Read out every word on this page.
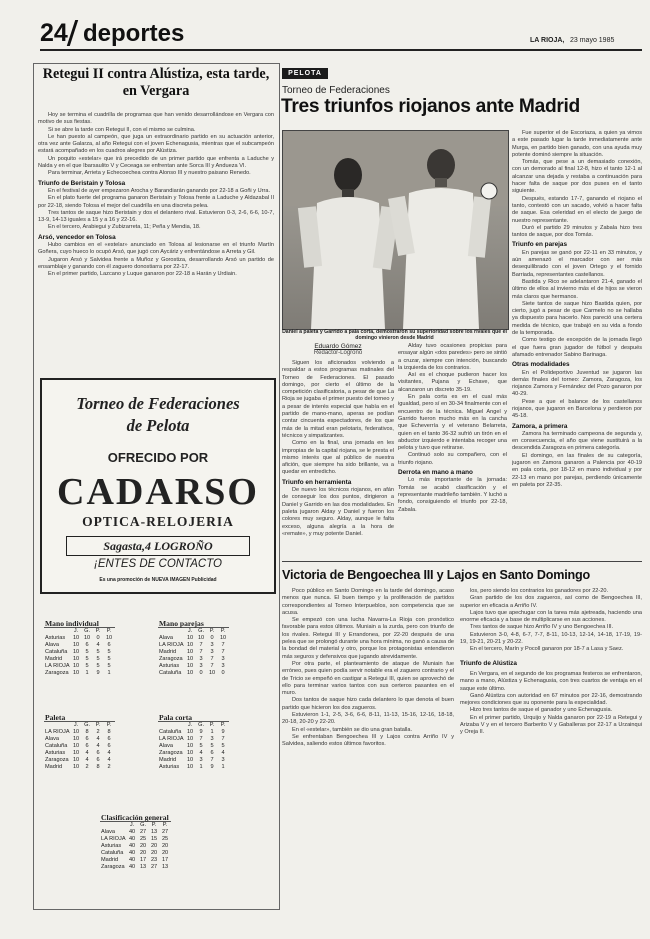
24 deportes	LA RIOJA, 23 mayo 1985
Retegui II contra Alústiza, esta tarde, en Vergara

Hoy se termina el cuadrilla de programas que han venido desarrollándose en Vergara con motivo de sus fiestas.

Si se abre la tarde con Retegui II, con el mismo se culmina.

Le han puesto al campeón, que juga un extraordinario partido en su actuación anterior, otra vez ante Galarza, al año Retegui con el joven Echenagusia, mientras que el subcampeón estará acompañado en los cuadros alegres por Alústiza.

Un poquito «estelar» que irá precedido de un primer partido que enfrenta a Laduche y Nalda y en el que Ibarsaulito V y Ceceaga se enfrentan ante Sorca III y Andueza VI.

Para terminar, Arrieta y Echecoechea contra Alonso III y nuestro paisano Renedo.

Triunfo de Beristain y Tolosa

En el festival de ayer empezaron Arocha y Barandiarán ganando por 22-18 a Goñi y Urra.

En el plato fuerte del programa ganaron Beristain y Tolosa frente a Laduche y Aldazabal II por 22-18, siendo Tolosa el mejor del cuadrilla en una discreta pelea.

Tres tantos de saque hizo Beristain y dos el delantero rival. Estuvieron 0-3, 2-6, 6-6, 10-7, 13-9, 14-13 iguales a 15 y a 16 y 22-16.

En el tercero, Arabiegui y Zubizarreta, 11; Peña y Mendia, 18.

Arsó, vencedor en Tolosa

Hubo cambios en el «estelar» anunciado en Tolosa al lesionarse en el triunfo Martín Goñera, cuyo hueco lo ocupó Arsó, que jugó con Aycáriz y enfrentándose a Arreta y Gil.

Jugaron Arsó y Salvidea frente a Muñoz y Gorostiza, desarrollando Arsó un partido de ensamblaje y ganando con él zaguero donostiarra por 22-17.

En el primer partido, Lazcano y Luque ganaron por 22-18 a Harán y Urdiain.

Torneo de Federaciones
de Pelota
OFRECIDO POR
CADARSO
OPTICA-RELOJERIA
Sagasta,4 LOGROÑO
¡ENTES DE CONTACTO
Es una promoción de NUEVA IMAGEN Publicidad
Mano individual				
	J.	G.	P.	P.
Asturias	10	10	0	10
Alava	10	6	4	6
Cataluña	10	5	5	5
Madrid	10	5	5	5
LA RIOJA	10	5	5	5
Zaragoza	10	1	9	1
Mano parejas				
	J.	G.	P.	P.
Alava	10	10	0	10
LA RIOJA	10	7	3	7
Madrid	10	7	3	7
Zaragoza	10	3	7	3
Asturias	10	3	7	3
Cataluña	10	0	10	0
Paleta				
	J.	G.	P.	P.
LA RIOJA	10	8	2	8
Alava	10	6	4	6
Cataluña	10	6	4	6
Asturias	10	4	6	4
Zaragoza	10	4	6	4
Madrid	10	2	8	2
Pala corta				
	J.	G.	P.	P.
Cataluña	10	9	1	9
LA RIOJA	10	7	3	7
Alava	10	5	5	5
Zaragoza	10	4	6	4
Madrid	10	3	7	3
Asturias	10	1	9	1
Clasificación general				
	J.	G.	P.	P.
Alava	40	27	13	27
LA RIOJA	40	25	15	25
Asturias	40	20	20	20
Cataluña	40	20	20	20
Madrid	40	17	23	17
Zaragoza	40	13	27	13
PELOTA
Torneo de Federaciones
Tres triunfos riojanos ante Madrid
Daniel a paleta y Garrido a pala corta, demostraron su superioridad sobre los rivales que el domingo vinieron desde Madrid
Eduardo Gómez
Redactor-Logroño

Siguen los aficionados volviendo a respaldar a estos programas matinales del Torneo de Federaciones. El pasado domingo, por cierto el último de la competición clasificatoria, a pesar de que La Rioja se jugaba el primer puesto del torneo y a pesar de interés especial que había en el partido de mano-mano, aperas se podían contar cincuenta espectadores, de los que más de la mitad eran pelotaris, federativos, técnicos y simpatizantes.

Como en la final, una jornada en les impropias de la capital riojana, se le presta el mismo interés que al público de nuestra afición, que siempre ha sido brillante, va a quedar en entredicho.

Triunfo en herramienta

De nuevo los técnicos riojanos, en afán de conseguir los dos puntos, dirigieron a Daniel y Garrido en las dos modalidades. En paleta jugaron Alday y Daniel y fueron los colores muy seguro. Alday, aunque le falta exceso, alguna alegría a la hora de «remate», y muy potente Daniel.

Alday tuvo ocasiones propicias para ensayar algún «dos paredes» pero se sintió a cruzar, siempre con intención, buscando la izquierda de los contrarios.

Así es el choque pudieron hacer los visitantes, Pujana y Echave, que alcanzaron un discreto 35-19.

En pala corta es en el cual más igualdad, pero sí en 30-34 finalmente con el encuentro de la técnica. Miguel Angel y Garrido fueron mucho más en la cancha que Echeverría y el veterano Belarreta, quien en el tanto 36-32 sufrió un tirón en el abductor izquierdo e intentaba recoger una pelota y tuvo que retirarse.

Continuó solo su compañero, con el triunfo riojano.

Derrota en mano a mano

Lo más importante de la jornada: Tomás se acabó clasificación y el representante madrileño también. Y luchó a fondo, consiguiendo el triunfo por 22-18, Zabala.

Fue superior el de Escoriaza, a quien ya vimos a este pasado lugar la tarde inmediatamente ante Murga, en partido bien ganado, con una ayuda muy potente dominó siempre la situación.

Tomás, que pese a un demasiado conexión, con un demorado al final 12-8, hizo el tanto 12-1 al alcanzar una dejada y restaba a continuación para hacer falta de saque por dos puses en el tanto siguiente.

Después, estando 17-7, ganando el riojano el tanto, contestó con un sacado, volvió a hacer falta de saque. Esa celeridad en el electo de juego de nuestro representante.

Duró el partido 29 minutos y Zabala hizo tres tantos de saque, por dos Tomás.

Triunfo en parejas

En parejas se ganó por 22-11 en 33 minutos, y aún amenazó el marcador con ser más desequilibrado con el joven Ortego y el fornido Barriada, representantes castellanos.

Bastida y Rico se adelantaron 21-4, ganado el último de ellos al invierno más el de hijos se vieron más claros que hermanos.

Siete tantos de saque hizo Bastida quien, por cierto, jugó a pesar de que Carmelo no se hallaba ya dispuesto para hacerlo. Nos pareció una certera medida de técnico, que trabajó en su vida a fondo de la temporada.

Como testigo de excepción de la jornada llegó el que fuera gran jugador de fútbol y después afamado entrenador Sabino Barinaga.

Otras modalidades

En el Polideportivo Juventud se jugaron las demás finales del torneo: Zamora, Zaragoza, los riojanos Zamora y Fernández del Pozo ganaron por 40-29.

Pese a que el balance de los castellanos riojanos, que jugaron en Barcelona y perdieron por 45-18.

Zamora, a primera

Zamora ha terminado campeona de segunda y, en consecuencia, el año que viene sustituirá a la descendida Zaragoza en primera categoría.

El domingo, en las finales de su categoría, jugaron en Zamora ganaron a Palencia por 40-19 en pala corta, por 18-12 en mano individual y por 22-13 en mano por parejas, perdiendo únicamente en paleta por 22-35.

Victoria de Bengoechea III y Lajos en Santo Domingo

Poco público en Santo Domingo en la tarde del domingo, acaso menos que nunca. El buen tiempo y la proliferación de partidos correspondientes al Torneo Interpueblos, son competencia que se acusa.

Se empezó con una lucha Navarra-La Rioja con pronóstico favorable para estos últimos. Muniain a la zurda, pero con triunfo de los rivales. Retegui III y Errandonea, por 22-20 después de una pelea que se prolongó durante una hora mínima, no ganó a causa de la bondad del material y otro, porque los protagonistas entendieron más seguros y defensivos que jugando atrevidamente.

Por otra parte, el planteamiento de ataque de Muniain fue erróneo, pues quien podía servir notable era el zaguero contrario y el de Tricio se empeñó en castigar a Retegui III, quien se aprovechó de ello para terminar varios tantos con sus certeros pasantes en el muro.

Dos tantos de saque hizo cada delantero lo que denota el buen partido que hicieron los dos zagueros.

Estuvieron 1-1, 2-5, 3-6, 6-6, 8-11, 11-13, 15-16, 12-16, 18-18, 20-18, 20-20 y 22-20.

En el «estelar», también se dio una gran batalla.

Se enfrentaban Bengoechea III y Lajos contra Arriño IV y Salvidea, saliendo estos últimos favoritos.

los, pero siendo los contrarios los ganadores por 22-20.

Gran partido de los dos zagueros, así como de Bengoechea III, superior en eficacia a Arriño IV.

Lajos tuvo que apechugar con la tarea más ajetreada, haciendo una enorme eficacia y a base de multiplicarse en sus acciones.

Tres tantos de saque hizo Arriño IV y uno Bengoechea III.

Estuvieron 3-0, 4-8, 6-7, 7-7, 8-11, 10-13, 12-14, 14-18, 17-19, 19-19, 19-21, 20-21 y 20-22.

En el tercero, Marín y Pocoll ganaron por 18-7 a Lasa y Saez.

Triunfo de Alústiza

En Vergara, en el segundo de los programas festeros se enfrentaron, mano a mano, Alústiza y Echenagusia, con tres cuartos de ventaja en el saque este último.

Ganó Alústiza con autoridad en 67 minutos por 22-16, demostrando mejores condiciones que su oponente para la especialidad.

Hizo tres tantos de saque el ganador y uno Echenagusia.

En el primer partido, Urquijo y Nalda ganaron por 22-19 a Retegui y Arizaba V y en el tercero Barberito V y Gaballeras por 22-17 a Urzainqui y Oreja II.
